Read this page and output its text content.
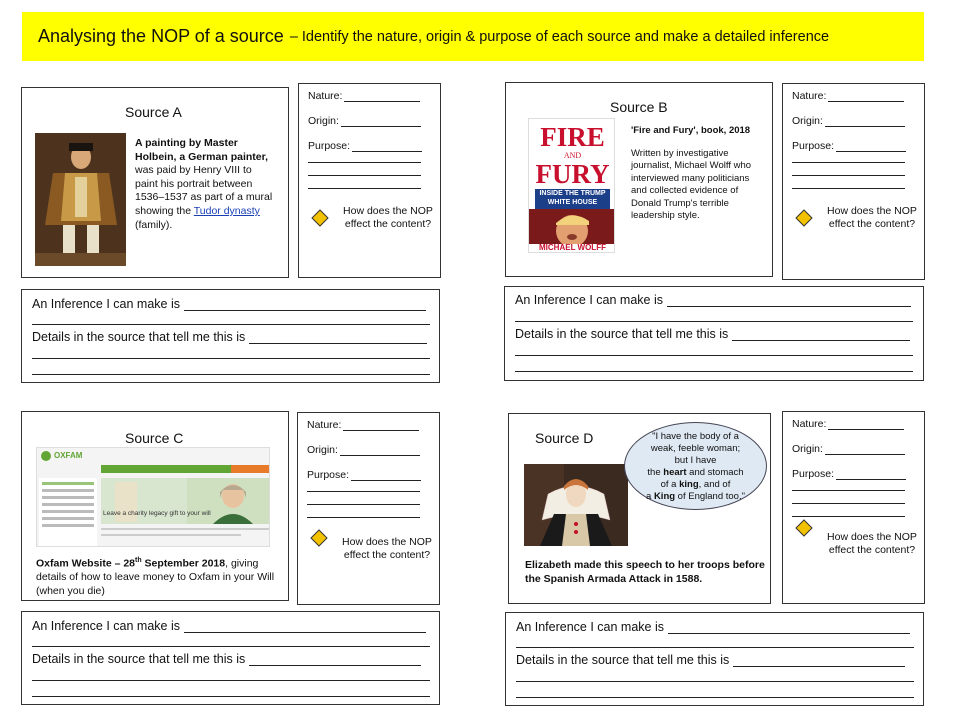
Analysing the NOP of a source – Identify the nature, origin & purpose of each source and make a detailed inference
Source A
A painting by Master Holbein, a German painter, was paid by Henry VIII to paint his portrait between 1536–1537 as part of a mural showing the Tudor dynasty (family).
Nature:
Origin:
Purpose:
How does the NOP
effect the content?
An Inference I can make is
Details in the source that tell me this is
Source B
FIRE
AND
FURY
INSIDE THE TRUMP
WHITE HOUSE
MICHAEL WOLFF
'Fire and Fury', book, 2018
Written by investigative journalist, Michael Wolff who interviewed many politicians and collected evidence of Donald Trump's terrible leadership style.
Nature:
Origin:
Purpose:
How does the NOP
effect the content?
An Inference I can make is
Details in the source that tell me this is
Source C
OXFAM
Leave a charity legacy gift to your will
Oxfam Website – 28th September 2018, giving details of how to leave money to Oxfam in your Will (when you die)
Nature:
Origin:
Purpose:
How does the NOP
effect the content?
An Inference I can make is
Details in the source that tell me this is
Source D	"I have the body of a
weak, feeble woman;
but I have
the heart and stomach
of a king, and of
a King of England too."
Elizabeth made this speech to her troops before the Spanish Armada Attack in 1588.
Nature:
Origin:
Purpose:
How does the NOP
effect the content?
An Inference I can make is
Details in the source that tell me this is
